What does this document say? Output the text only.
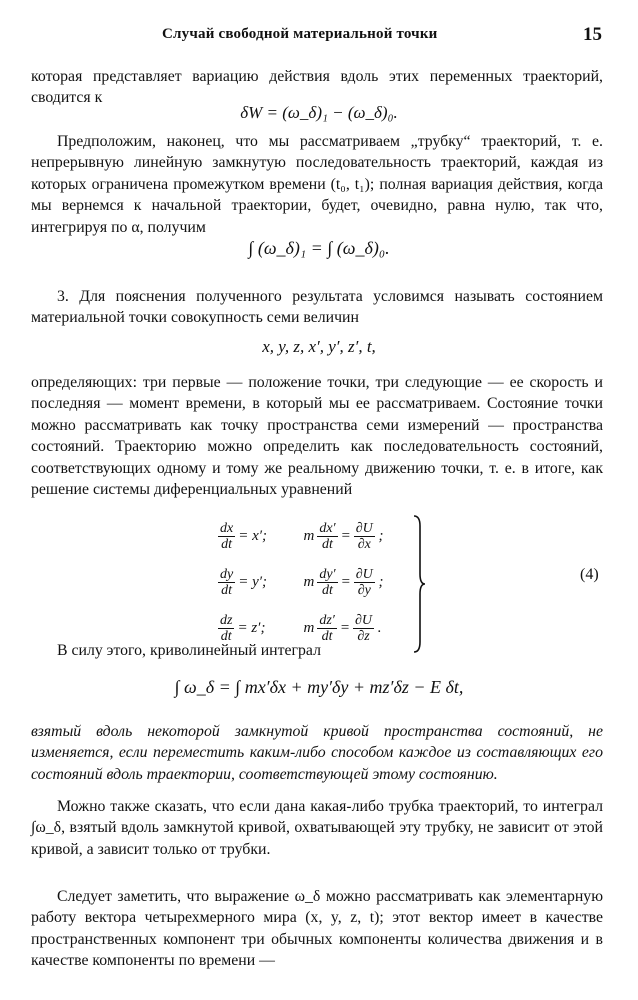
Случай свободной материальной точки	15
которая представляет вариацию действия вдоль этих переменных траекторий, сводится к
δW = (ω_δ)₁ − (ω_δ)₀.
Предположим, наконец, что мы рассматриваем „трубку“ траекторий, т. е. непрерывную линейную замкнутую последовательность траекторий, каждая из которых ограничена промежутком времени (t₀, t₁); полная вариация действия, когда мы вернемся к начальной траектории, будет, очевидно, равна нулю, так что, интегрируя по α, получим
∫ (ω_δ)₁ = ∫ (ω_δ)₀.
3. Для пояснения полученного результата условимся называть состоянием материальной точки совокупность семи величин
x, y, z, x′, y′, z′, t,
определяющих: три первые — положение точки, три следующие — ее скорость и последняя — момент времени, в который мы ее рассматриваем. Состояние точки можно рассматривать как точку пространства семи измерений — пространства состояний. Траекторию можно определить как последовательность состояний, соответствующих одному и тому же реальному движению точки, т. е. в итоге, как решение системы диференциальных уравнений
$\frac{dx}{dt} = x'$;	m  $\frac{dx'}{dt} = \frac{\partial U}{\partial x}$ ;
$\frac{dy}{dt} = y'$;	m  $\frac{dy'}{dt} = \frac{\partial U}{\partial y}$ ;
$\frac{dz}{dt} = z'$;	m  $\frac{dz'}{dt} = \frac{\partial U}{\partial z}$ .
(4)
В силу этого, криволинейный интеграл
∫ ω_δ = ∫ mx′δx + my′δy + mz′δz − E δt,
взятый вдоль некоторой замкнутой кривой пространства состояний, не изменяется, если переместить каким-либо способом каждое из составляющих его состояний вдоль траектории, соответствующей этому состоянию.
Можно также сказать, что если дана какая-либо трубка траекторий, то интеграл ∫ω_δ, взятый вдоль замкнутой кривой, охватывающей эту трубку, не зависит от этой кривой, а зависит только от трубки.
Следует заметить, что выражение ω_δ можно рассматривать как элементарную работу вектора четырехмерного мира (x, y, z, t); этот вектор имеет в качестве пространственных компонент три обычных компоненты количества движения и в качестве компоненты по времени —
